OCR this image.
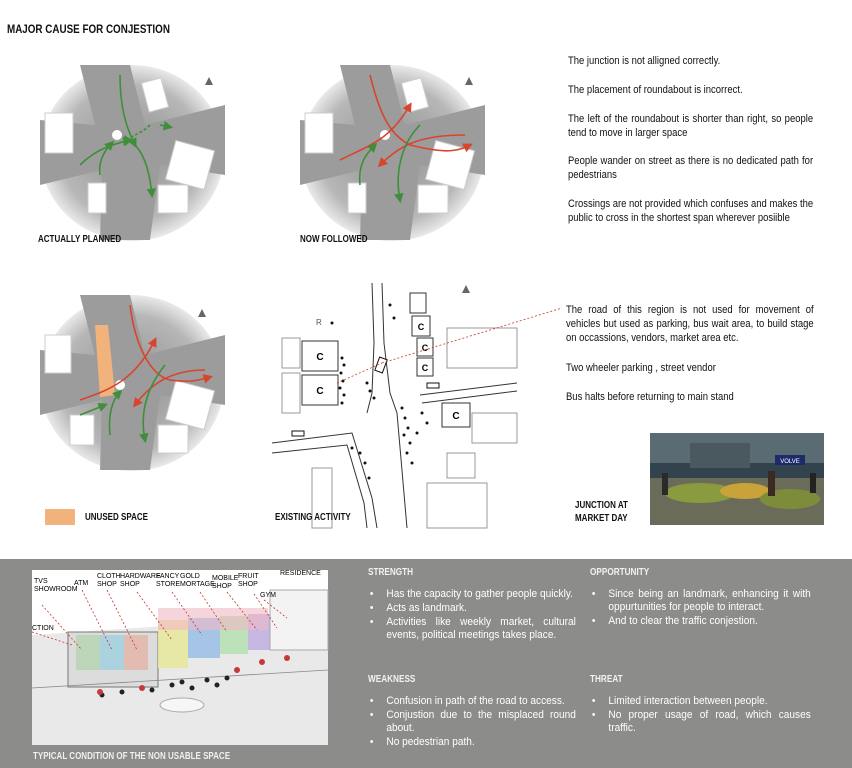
MAJOR CAUSE FOR CONJESTION
ACTUALLY PLANNED	NOW FOLLOWED
The junction is not alligned correctly.
The placement of roundabout is incorrect.
The left of the roundabout is shorter than right, so people tend to move in larger space
People wander on street as there is no dedicated path for pedestrians
Crossings are not provided which confuses and makes the public to cross in the shortest span wherever posiible
UNUSED SPACE
C
C
C
C
C
C
R
EXISTING ACTIVITY
The road of this region is not used for movement of vehicles but used as parking, bus wait area, to build stage on occassions, vendors, market area etc.
Two wheeler parking , street vendor
Bus halts before returning to main stand
VOLVE
JUNCTION AT
MARKET DAY
TVS
SHOWROOM
ATM
CLOTH
SHOP
HARDWARE
SHOP
FANCY
STORE
GOLD
MORTAGE
MOBILE
SHOP
FRUIT
SHOP
RESIDENCE
GYM
CTION
TYPICAL CONDITION OF THE NON USABLE SPACE
STRENGTH
• Has the capacity to gather people quickly.
• Acts as landmark.
• Activities like weekly market, cultural events, political meetings takes place.
OPPORTUNITY
• Since being an landmark, enhancing it with oppurtunities for people to interact.
• And to clear the traffic conjestion.
WEAKNESS
• Confusion in path of the road to access.
• Conjustion due to the misplaced round about.
• No pedestrian path.
THREAT
• Limited interaction between people.
• No proper usage of road, which causes traffic.
